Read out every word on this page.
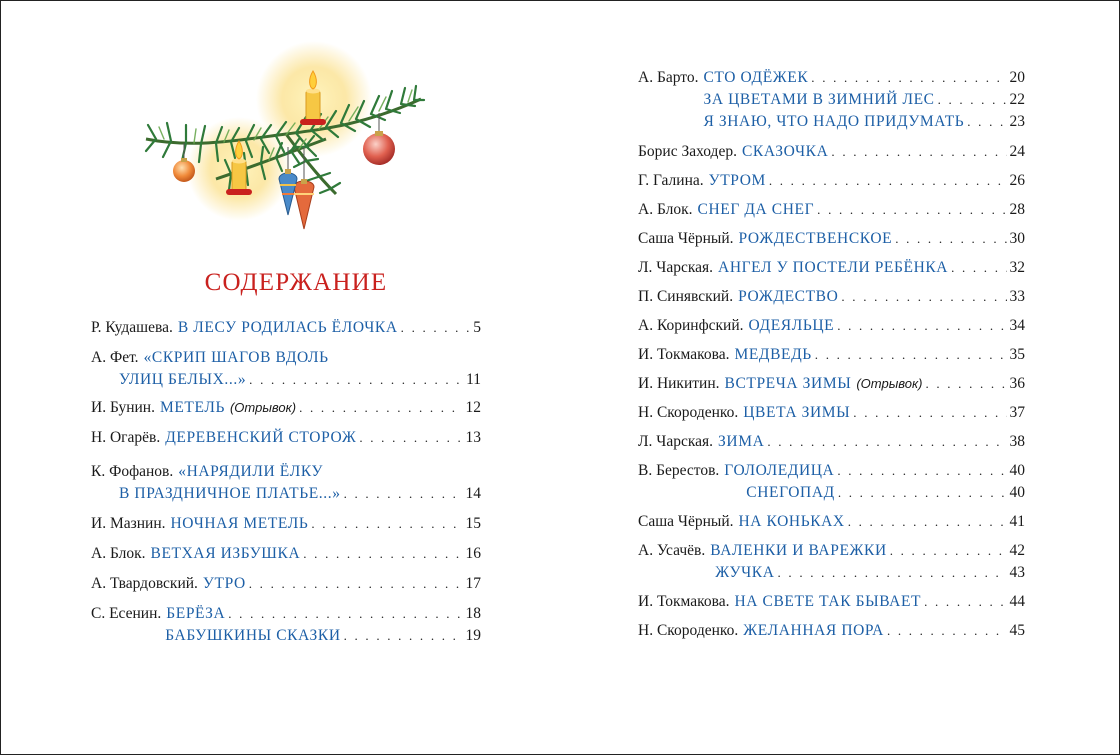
СОДЕРЖАНИЕ
Р. Кудашева. В ЛЕСУ РОДИЛАСЬ ЁЛОЧКА . . .	5
А. Фет. «СКРИП ШАГОВ ВДОЛЬ
УЛИЦ БЕЛЫХ...» . . .	11
И. Бунин. МЕТЕЛЬ (Отрывок) . . .	12
Н. Огарёв. ДЕРЕВЕНСКИЙ СТОРОЖ . . .	13
К. Фофанов. «НАРЯДИЛИ ЁЛКУ
В ПРАЗДНИЧНОЕ ПЛАТЬЕ...» . . .	14
И. Мазнин. НОЧНАЯ МЕТЕЛЬ . . .	15
А. Блок. ВЕТХАЯ ИЗБУШКА . . .	16
А. Твардовский. УТРО . . .	17
С. Есенин. БЕРЁЗА . . .	18
БАБУШКИНЫ СКАЗКИ . . .	19
А. Барто. СТО ОДЁЖЕК . . .	20
ЗА ЦВЕТАМИ В ЗИМНИЙ ЛЕС . . .	22
Я ЗНАЮ, ЧТО НАДО ПРИДУМАТЬ . . .	23
Борис Заходер. СКАЗОЧКА . . .	24
Г. Галина. УТРОМ . . .	26
А. Блок. СНЕГ ДА СНЕГ . . .	28
Саша Чёрный. РОЖДЕСТВЕНСКОЕ . . .	30
Л. Чарская. АНГЕЛ У ПОСТЕЛИ РЕБЁНКА . . .	32
П. Синявский. РОЖДЕСТВО . . .	33
А. Коринфский. ОДЕЯЛЬЦЕ . . .	34
И. Токмакова. МЕДВЕДЬ . . .	35
И. Никитин. ВСТРЕЧА ЗИМЫ (Отрывок) . . .	36
Н. Скороденко. ЦВЕТА ЗИМЫ . . .	37
Л. Чарская. ЗИМА . . .	38
В. Берестов. ГОЛОЛЕДИЦА . . .	40
СНЕГОПАД . . .	40
Саша Чёрный. НА КОНЬКАХ . . .	41
А. Усачёв. ВАЛЕНКИ И ВАРЕЖКИ . . .	42
ЖУЧКА . . .	43
И. Токмакова. НА СВЕТЕ ТАК БЫВАЕТ . . .	44
Н. Скороденко. ЖЕЛАННАЯ ПОРА . . .	45
